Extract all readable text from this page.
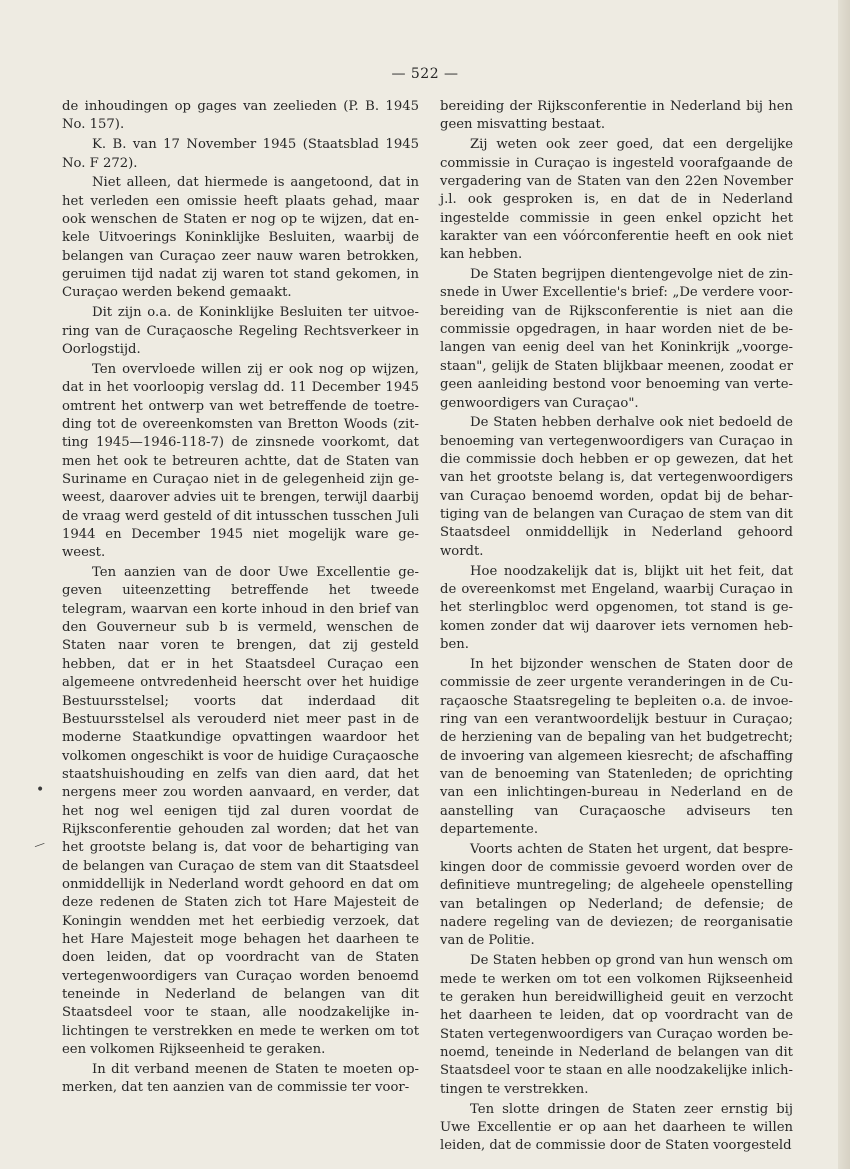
— 522 —

de inhoudingen op gages van zeelieden (P. B. 1945 No. 157).

K. B. van 17 November 1945 (Staatsblad 1945 No. F 272).

Niet alleen, dat hiermede is aangetoond, dat in het verleden een omissie heeft plaats gehad, maar ook wenschen de Staten er nog op te wijzen, dat enkele Uitvoerings Koninklijke Besluiten, waarbij de belangen van Curaçao zeer nauw waren betrokken, geruimen tijd nadat zij waren tot stand gekomen, in Curaçao werden bekend gemaakt.

Dit zijn o.a. de Koninklijke Besluiten ter uitvoering van de Curaçaosche Regeling Rechtsverkeer in Oorlogstijd.

Ten overvloede willen zij er ook nog op wijzen, dat in het voorloopig verslag dd. 11 December 1945 omtrent het ontwerp van wet betreffende de toetreding tot de overeenkomsten van Bretton Woods (zitting 1945—1946-118-7) de zinsnede voorkomt, dat men het ook te betreuren achtte, dat de Staten van Suriname en Curaçao niet in de gelegenheid zijn geweest, daarover advies uit te brengen, terwijl daarbij de vraag werd gesteld of dit intusschen tusschen Juli 1944 en December 1945 niet mogelijk ware geweest.

Ten aanzien van de door Uwe Excellentie gegeven uiteenzetting betreffende het tweede telegram, waarvan een korte inhoud in den brief van den Gouverneur sub b is vermeld, wenschen de Staten naar voren te brengen, dat zij gesteld hebben, dat er in het Staatsdeel Curaçao een algemeene ontvredenheid heerscht over het huidige Bestuursstelsel; voorts dat inderdaad dit Bestuursstelsel als verouderd niet meer past in de moderne Staatkundige opvattingen waardoor het volkomen ongeschikt is voor de huidige Curaçaosche staatshuishouding en zelfs van dien aard, dat het nergens meer zou worden aanvaard, en verder, dat het nog wel eenigen tijd zal duren voordat de Rijksconferentie gehouden zal worden; dat het van het grootste belang is, dat voor de behartiging van de belangen van Curaçao de stem van dit Staatsdeel onmiddellijk in Nederland wordt gehoord en dat om deze redenen de Staten zich tot Hare Majesteit de Koningin wendden met het eerbiedig verzoek, dat het Hare Majesteit moge behagen het daarheen te doen leiden, dat op voordracht van de Staten vertegenwoordigers van Curaçao worden benoemd teneinde in Nederland de belangen van dit Staatsdeel voor te staan, alle noodzakelijke inlichtingen te verstrekken en mede te werken om tot een volkomen Rijkseenheid te geraken.

In dit verband meenen de Staten te moeten opmerken, dat ten aanzien van de commissie ter voor-

bereiding der Rijksconferentie in Nederland bij hen geen misvatting bestaat.

Zij weten ook zeer goed, dat een dergelijke commissie in Curaçao is ingesteld voorafgaande de vergadering van de Staten van den 22en November j.l. ook gesproken is, en dat de in Nederland ingestelde commissie in geen enkel opzicht het karakter van een vóórconferentie heeft en ook niet kan hebben.

De Staten begrijpen dientengevolge niet de zinsnede in Uwer Excellentie's brief: „De verdere voorbereiding van de Rijksconferentie is niet aan die commissie opgedragen, in haar worden niet de belangen van eenig deel van het Koninkrijk „voorgestaan", gelijk de Staten blijkbaar meenen, zoodat er geen aanleiding bestond voor benoeming van vertegenwoordigers van Curaçao".

De Staten hebben derhalve ook niet bedoeld de benoeming van vertegenwoordigers van Curaçao in die commissie doch hebben er op gewezen, dat het van het grootste belang is, dat vertegenwoordigers van Curaçao benoemd worden, opdat bij de behartiging van de belangen van Curaçao de stem van dit Staatsdeel onmiddellijk in Nederland gehoord wordt.

Hoe noodzakelijk dat is, blijkt uit het feit, dat de overeenkomst met Engeland, waarbij Curaçao in het sterlingbloc werd opgenomen, tot stand is gekomen zonder dat wij daarover iets vernomen hebben.

In het bijzonder wenschen de Staten door de commissie de zeer urgente veranderingen in de Curaçaosche Staatsregeling te bepleiten o.a. de invoering van een verantwoordelijk bestuur in Curaçao; de herziening van de bepaling van het budgetrecht; de invoering van algemeen kiesrecht; de afschaffing van de benoeming van Statenleden; de oprichting van een inlichtingen-bureau in Nederland en de aanstelling van Curaçaosche adviseurs ten departemente.

Voorts achten de Staten het urgent, dat besprekingen door de commissie gevoerd worden over de definitieve muntregeling; de algeheele openstelling van betalingen op Nederland; de defensie; de nadere regeling van de deviezen; de reorganisatie van de Politie.

De Staten hebben op grond van hun wensch om mede te werken om tot een volkomen Rijkseenheid te geraken hun bereidwilligheid geuit en verzocht het daarheen te leiden, dat op voordracht van de Staten vertegenwoordigers van Curaçao worden benoemd, teneinde in Nederland de belangen van dit Staatsdeel voor te staan en alle noodzakelijke inlichtingen te verstrekken.

Ten slotte dringen de Staten zeer ernstig bij Uwe Excellentie er op aan het daarheen te willen leiden, dat de commissie door de Staten voorgesteld

•
—
